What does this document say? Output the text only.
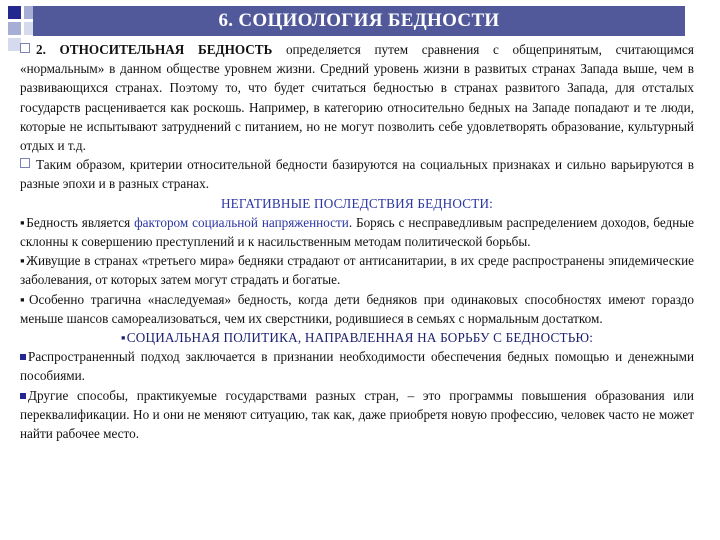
6. СОЦИОЛОГИЯ БЕДНОСТИ

2. ОТНОСИТЕЛЬНАЯ БЕДНОСТЬ определяется путем сравнения с общепринятым, считающимся «нормальным» в данном обществе уровнем жизни. Средний уровень жизни в развитых странах Запада выше, чем в развивающихся странах. Поэтому то, что будет считаться бедностью в странах развитого Запада, для отсталых государств расценивается как роскошь. Например, в категорию относительно бедных на Западе попадают и те люди, которые не испытывают затруднений с питанием, но не могут позволить себе удовлетворять образование, культурный отдых и т.д.

Таким образом, критерии относительной бедности базируются на социальных признаках и сильно варьируются в разные эпохи и в разных странах.

НЕГАТИВНЫЕ ПОСЛЕДСТВИЯ БЕДНОСТИ:

▪Бедность является фактором социальной напряженности. Борясь с несправедливым распределением доходов, бедные склонны к совершению преступлений и к насильственным методам политической борьбы.

▪Живущие в странах «третьего мира» бедняки страдают от антисанитарии, в их среде распространены эпидемические заболевания, от которых затем могут страдать и богатые.

▪Особенно трагична «наследуемая» бедность, когда дети бедняков при одинаковых способностях имеют гораздо меньше шансов самореализоваться, чем их сверстники, родившиеся в семьях с нормальным достатком.

▪СОЦИАЛЬНАЯ ПОЛИТИКА, НАПРАВЛЕННАЯ НА БОРЬБУ С БЕДНОСТЬЮ:

Распространенный подход заключается в признании необходимости обеспечения бедных помощью и денежными пособиями.

Другие способы, практикуемые государствами разных стран, – это программы повышения образования или переквалификации. Но и они не меняют ситуацию, так как, даже приобретя новую профессию, человек часто не может найти рабочее место.
